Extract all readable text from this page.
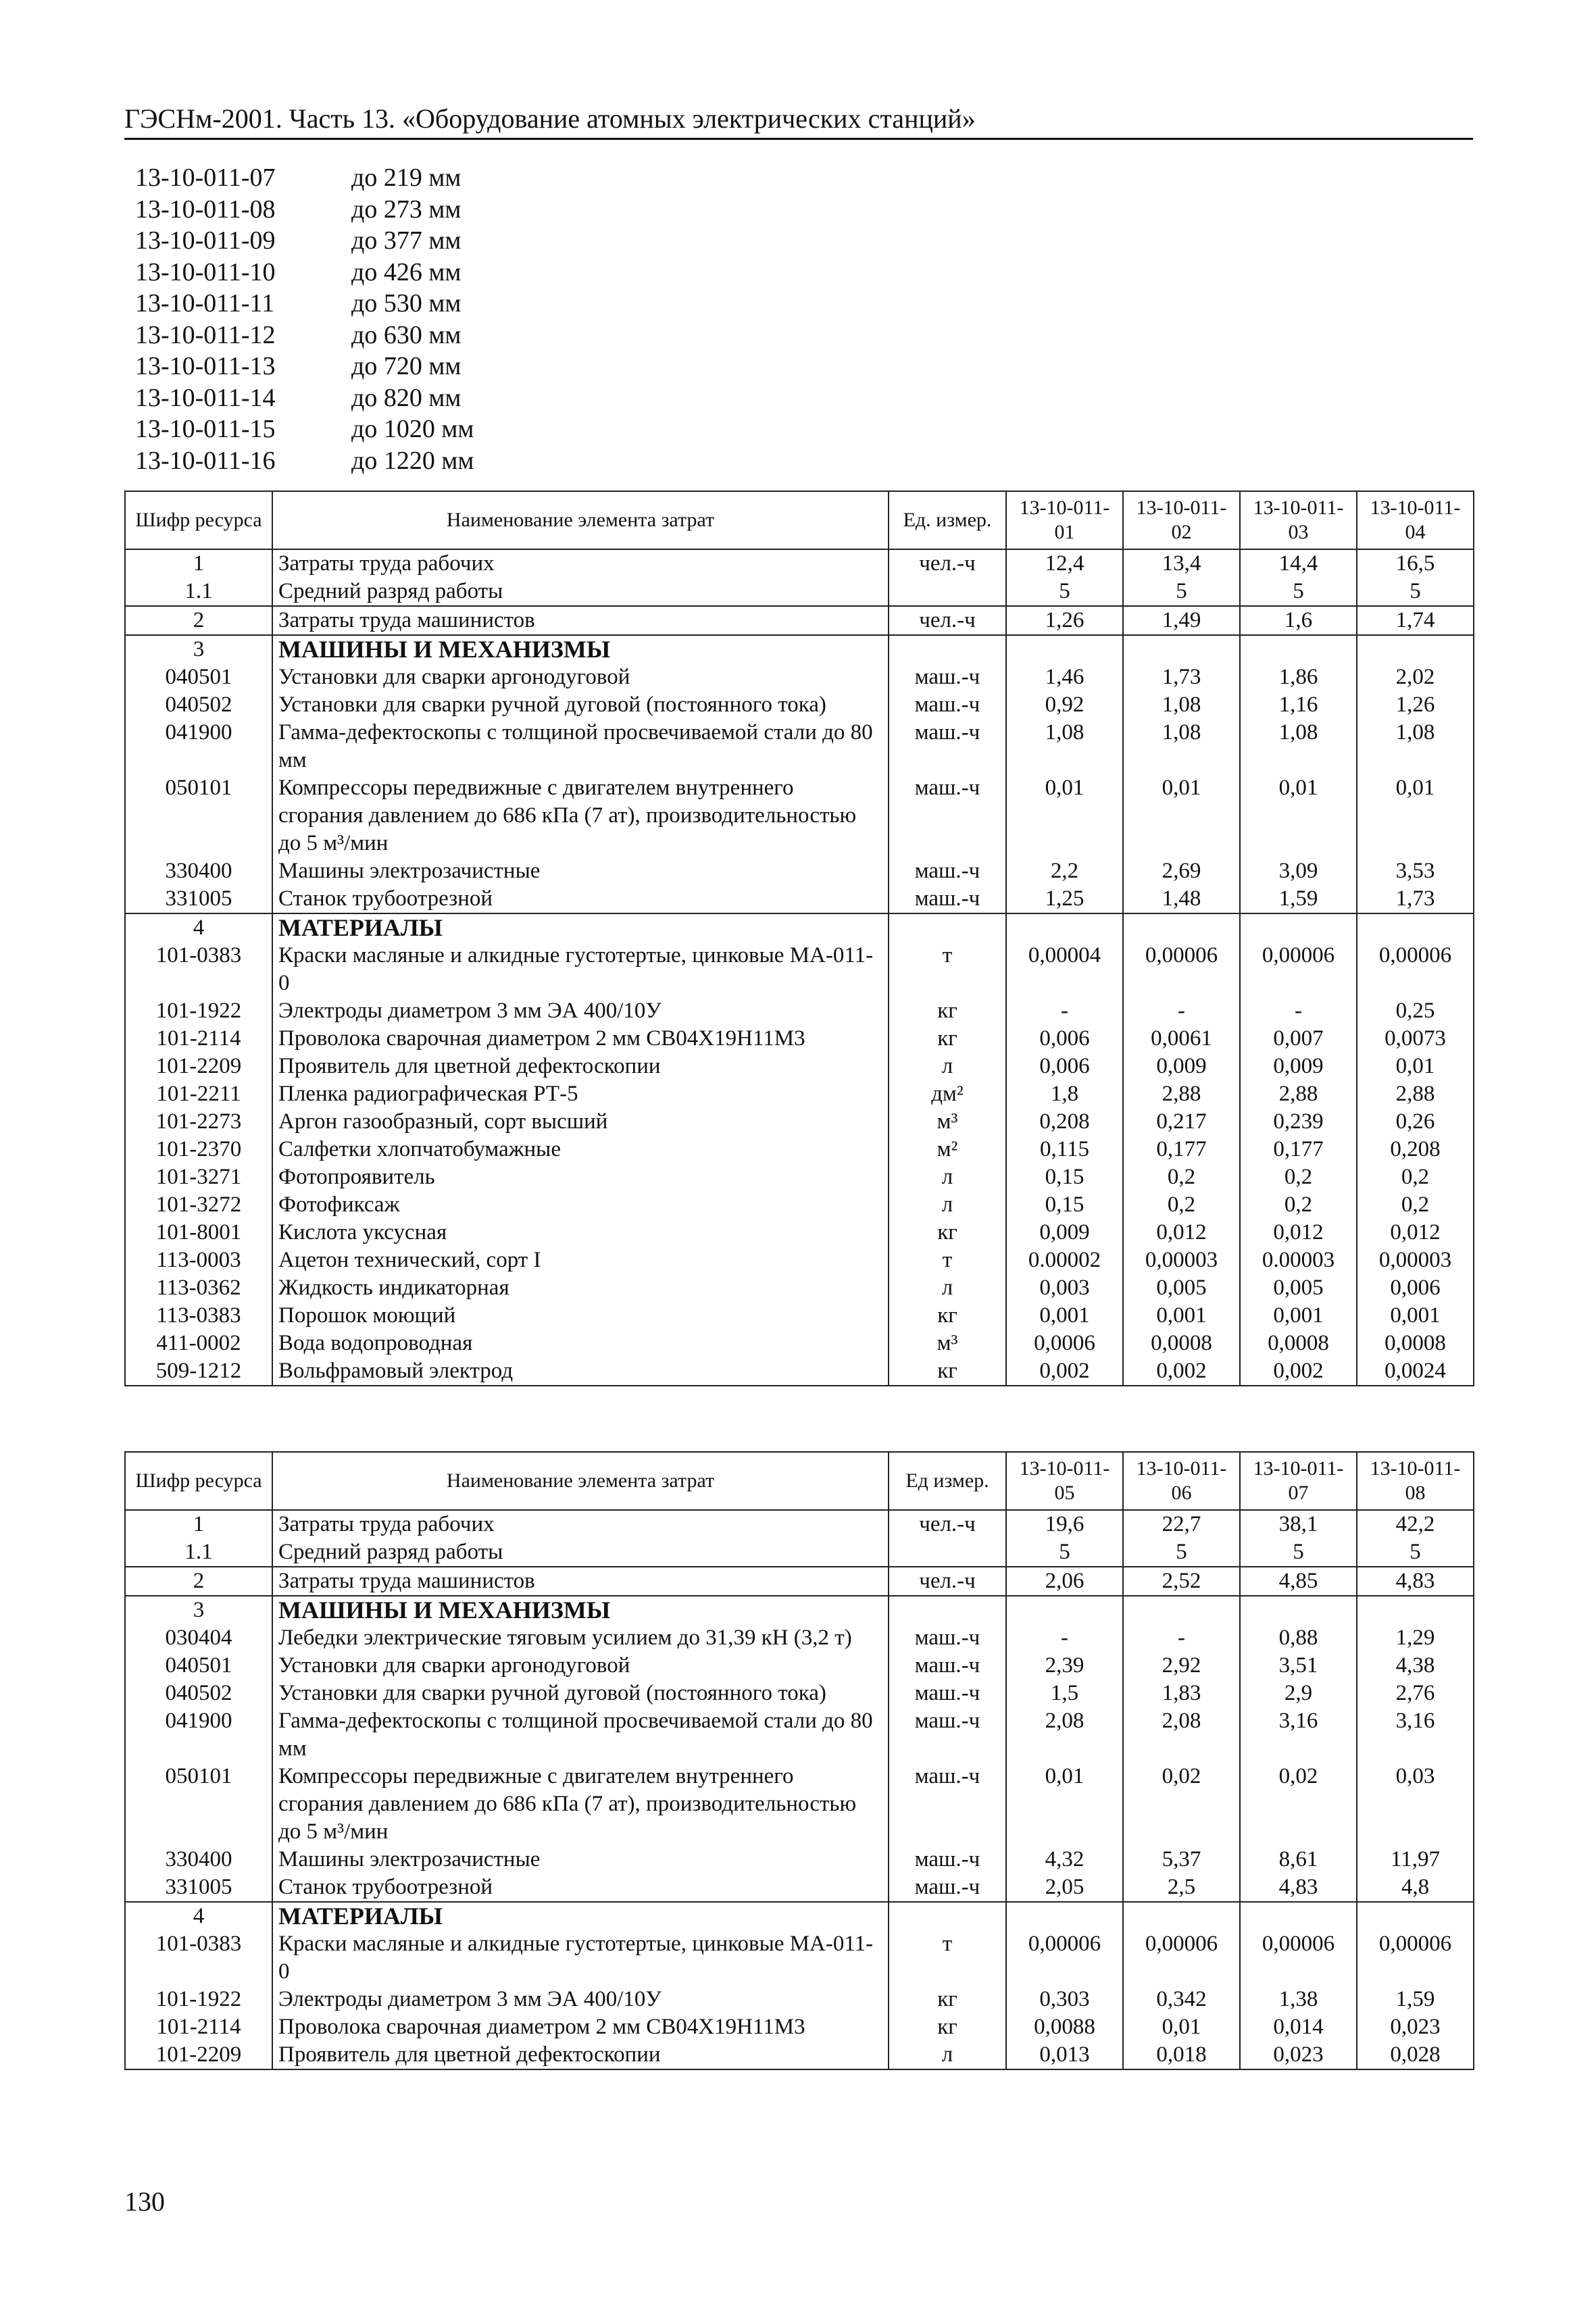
ГЭСНм-2001. Часть 13. «Оборудование атомных электрических станций»
13-10-011-07	до 219 мм
13-10-011-08	до 273 мм
13-10-011-09	до 377 мм
13-10-011-10	до 426 мм
13-10-011-11	до 530 мм
13-10-011-12	до 630 мм
13-10-011-13	до 720 мм
13-10-011-14	до 820 мм
13-10-011-15	до 1020 мм
13-10-011-16	до 1220 мм
Шифр ресурса	Наименование элемента затрат	Ед. измер.	13-10-011-01	13-10-011-02	13-10-011-03	13-10-011-04
1	Затраты труда рабочих	чел.-ч	12,4	13,4	14,4	16,5
1.1	Средний разряд работы		5	5	5	5
2	Затраты труда машинистов	чел.-ч	1,26	1,49	1,6	1,74
3	МАШИНЫ И МЕХАНИЗМЫ					
040501	Установки для сварки аргонодуговой	маш.-ч	1,46	1,73	1,86	2,02
040502	Установки для сварки ручной дуговой (постоянного тока)	маш.-ч	0,92	1,08	1,16	1,26
041900	Гамма-дефектоскопы с толщиной просвечиваемой стали до 80 мм	маш.-ч	1,08	1,08	1,08	1,08
050101	Компрессоры передвижные с двигателем внутреннего сгорания давлением до 686 кПа (7 ат), производительностью до 5 м³/мин	маш.-ч	0,01	0,01	0,01	0,01
330400	Машины электрозачистные	маш.-ч	2,2	2,69	3,09	3,53
331005	Станок трубоотрезной	маш.-ч	1,25	1,48	1,59	1,73
4	МАТЕРИАЛЫ					
101-0383	Краски масляные и алкидные густотертые, цинковые МА-011-0	т	0,00004	0,00006	0,00006	0,00006
101-1922	Электроды диаметром 3 мм ЭА 400/10У	кг	-	-	-	0,25
101-2114	Проволока сварочная диаметром 2 мм СВ04Х19Н11М3	кг	0,006	0,0061	0,007	0,0073
101-2209	Проявитель для цветной дефектоскопии	л	0,006	0,009	0,009	0,01
101-2211	Пленка радиографическая РТ-5	дм²	1,8	2,88	2,88	2,88
101-2273	Аргон газообразный, сорт высший	м³	0,208	0,217	0,239	0,26
101-2370	Салфетки хлопчатобумажные	м²	0,115	0,177	0,177	0,208
101-3271	Фотопроявитель	л	0,15	0,2	0,2	0,2
101-3272	Фотофиксаж	л	0,15	0,2	0,2	0,2
101-8001	Кислота уксусная	кг	0,009	0,012	0,012	0,012
113-0003	Ацетон технический, сорт I	т	0.00002	0,00003	0.00003	0,00003
113-0362	Жидкость индикаторная	л	0,003	0,005	0,005	0,006
113-0383	Порошок моющий	кг	0,001	0,001	0,001	0,001
411-0002	Вода водопроводная	м³	0,0006	0,0008	0,0008	0,0008
509-1212	Вольфрамовый электрод	кг	0,002	0,002	0,002	0,0024
Шифр ресурса	Наименование элемента затрат	Ед измер.	13-10-011-05	13-10-011-06	13-10-011-07	13-10-011-08
1	Затраты труда рабочих	чел.-ч	19,6	22,7	38,1	42,2
1.1	Средний разряд работы		5	5	5	5
2	Затраты труда машинистов	чел.-ч	2,06	2,52	4,85	4,83
3	МАШИНЫ И МЕХАНИЗМЫ					
030404	Лебедки электрические тяговым усилием до 31,39 кН (3,2 т)	маш.-ч	-	-	0,88	1,29
040501	Установки для сварки аргонодуговой	маш.-ч	2,39	2,92	3,51	4,38
040502	Установки для сварки ручной дуговой (постоянного тока)	маш.-ч	1,5	1,83	2,9	2,76
041900	Гамма-дефектоскопы с толщиной просвечиваемой стали до 80 мм	маш.-ч	2,08	2,08	3,16	3,16
050101	Компрессоры передвижные с двигателем внутреннего сгорания давлением до 686 кПа (7 ат), производительностью до 5 м³/мин	маш.-ч	0,01	0,02	0,02	0,03
330400	Машины электрозачистные	маш.-ч	4,32	5,37	8,61	11,97
331005	Станок трубоотрезной	маш.-ч	2,05	2,5	4,83	4,8
4	МАТЕРИАЛЫ					
101-0383	Краски масляные и алкидные густотертые, цинковые МА-011-0	т	0,00006	0,00006	0,00006	0,00006
101-1922	Электроды диаметром 3 мм ЭА 400/10У	кг	0,303	0,342	1,38	1,59
101-2114	Проволока сварочная диаметром 2 мм СВ04Х19Н11М3	кг	0,0088	0,01	0,014	0,023
101-2209	Проявитель для цветной дефектоскопии	л	0,013	0,018	0,023	0,028
130
